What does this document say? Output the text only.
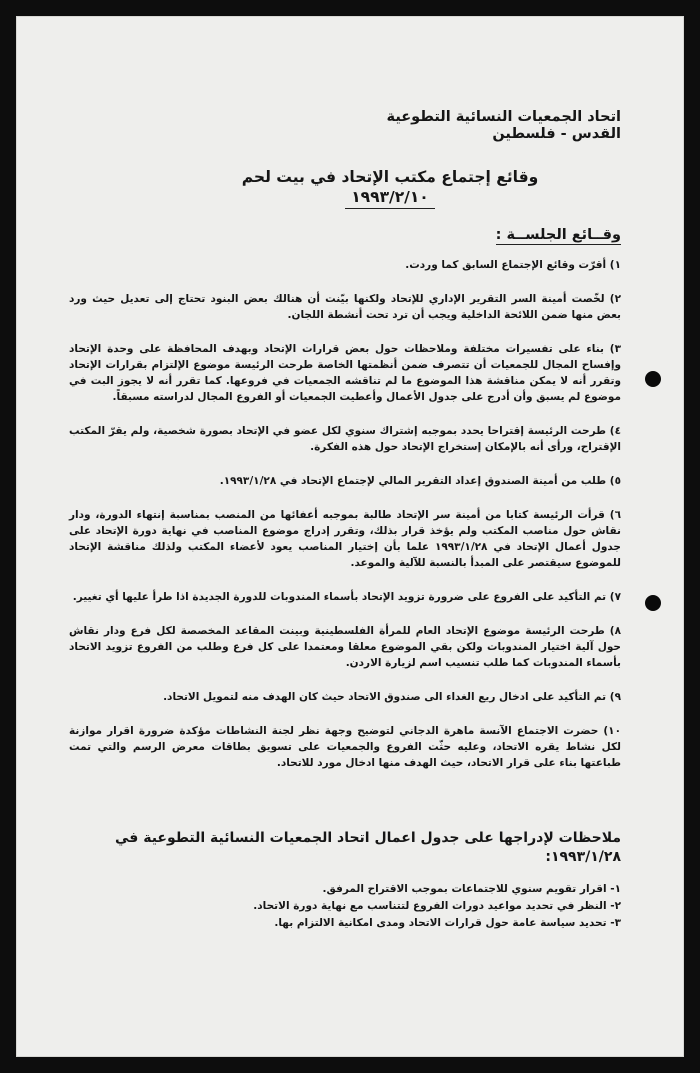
اتحاد الجمعيات النسائية التطوعية

القدس - فلسطين

وقائع إجتماع مكتب الإتحاد في بيت لحم

١٩٩٣/٢/١٠
وقــائع الجلســة :
١) أقرّت وقائع الإجتماع السابق كما وردت.
٢) لخّصت أمينة السر التقرير الإداري للإتحاد ولكنها بيّنت أن هنالك بعض البنود تحتاج إلى تعديل حيث ورد بعض منها ضمن اللائحة الداخلية ويجب أن ترد تحت أنشطة اللجان.
٣) بناء على تفسيرات مختلفة وملاحظات حول بعض قرارات الإتحاد وبهدف المحافظة على وحدة الإتحاد وإفساح المجال للجمعيات أن تتصرف ضمن أنظمتها الخاصة طرحت الرئيسة موضوع الإلتزام بقرارات الإتحاد وتقرر أنه لا يمكن مناقشة هذا الموضوع ما لم تناقشه الجمعيات في فروعها. كما تقرر أنه لا يجوز البت في موضوع لم يسبق وأن أدرج على جدول الأعمال وأعطيت الجمعيات أو الفروع المجال لدراسته مسبقاً.
٤) طرحت الرئيسة إقتراحا يحدد بموجبه إشتراك سنوي لكل عضو في الإتحاد بصورة شخصية، ولم يقرّ المكتب الإقتراح، ورأى أنه بالإمكان إستخراج الإتحاد حول هذه الفكرة.
٥) طلب من أمينة الصندوق إعداد التقرير المالي لإجتماع الإتحاد في ١٩٩٣/١/٢٨.
٦) قرأت الرئيسة كتابا من أمينة سر الإتحاد طالبة بموجبه أعفائها من المنصب بمناسبة إنتهاء الدورة، ودار نقاش حول مناصب المكتب ولم يؤخذ قرار بذلك، وتقرر إدراج موضوع المناصب في نهاية دورة الإتحاد على جدول أعمال الإتحاد في ١٩٩٣/١/٢٨ علما بأن إختيار المناصب يعود لأعضاء المكتب ولذلك مناقشة الإتحاد للموضوع سيقتصر على المبدأ بالنسبة للآلية والموعد.
٧) تم التأكيد على الفروع على ضرورة تزويد الإتحاد بأسماء المندوبات للدورة الجديدة اذا طرأ عليها أي تغيير.
٨) طرحت الرئيسة موضوع الإتحاد العام للمرأة الفلسطينية وبينت المقاعد المخصصة لكل فرع ودار نقاش حول آلية اختيار المندوبات ولكن بقي الموضوع معلقا ومعتمدا على كل فرع وطلب من الفروع تزويد الاتحاد بأسماء المندوبات كما طلب تنسيب اسم لزيارة الاردن.
٩) تم التأكيد على ادخال ريع الغداء الى صندوق الاتحاد حيث كان الهدف منه لتمويل الاتحاد.
١٠) حضرت الاجتماع الآنسة ماهرة الدجاني لتوضيح وجهة نظر لجنة النشاطات مؤكدة ضرورة اقرار موازنة لكل نشاط يقره الاتحاد، وعليه حثّت الفروع والجمعيات على تسويق بطاقات معرض الرسم والتي تمت طباعتها بناء على قرار الاتحاد، حيث الهدف منها ادخال مورد للاتحاد.

ملاحظات لإدراجها على جدول اعمال اتحاد الجمعيات النسائية التطوعية في ١٩٩٣/١/٢٨:

١- اقرار تقويم سنوي للاجتماعات بموجب الاقتراح المرفق.
٢- النظر في تحديد مواعيد دورات الفروع لتتناسب مع نهاية دورة الاتحاد.
٣- تحديد سياسة عامة حول قرارات الاتحاد ومدى امكانية الالتزام بها.
